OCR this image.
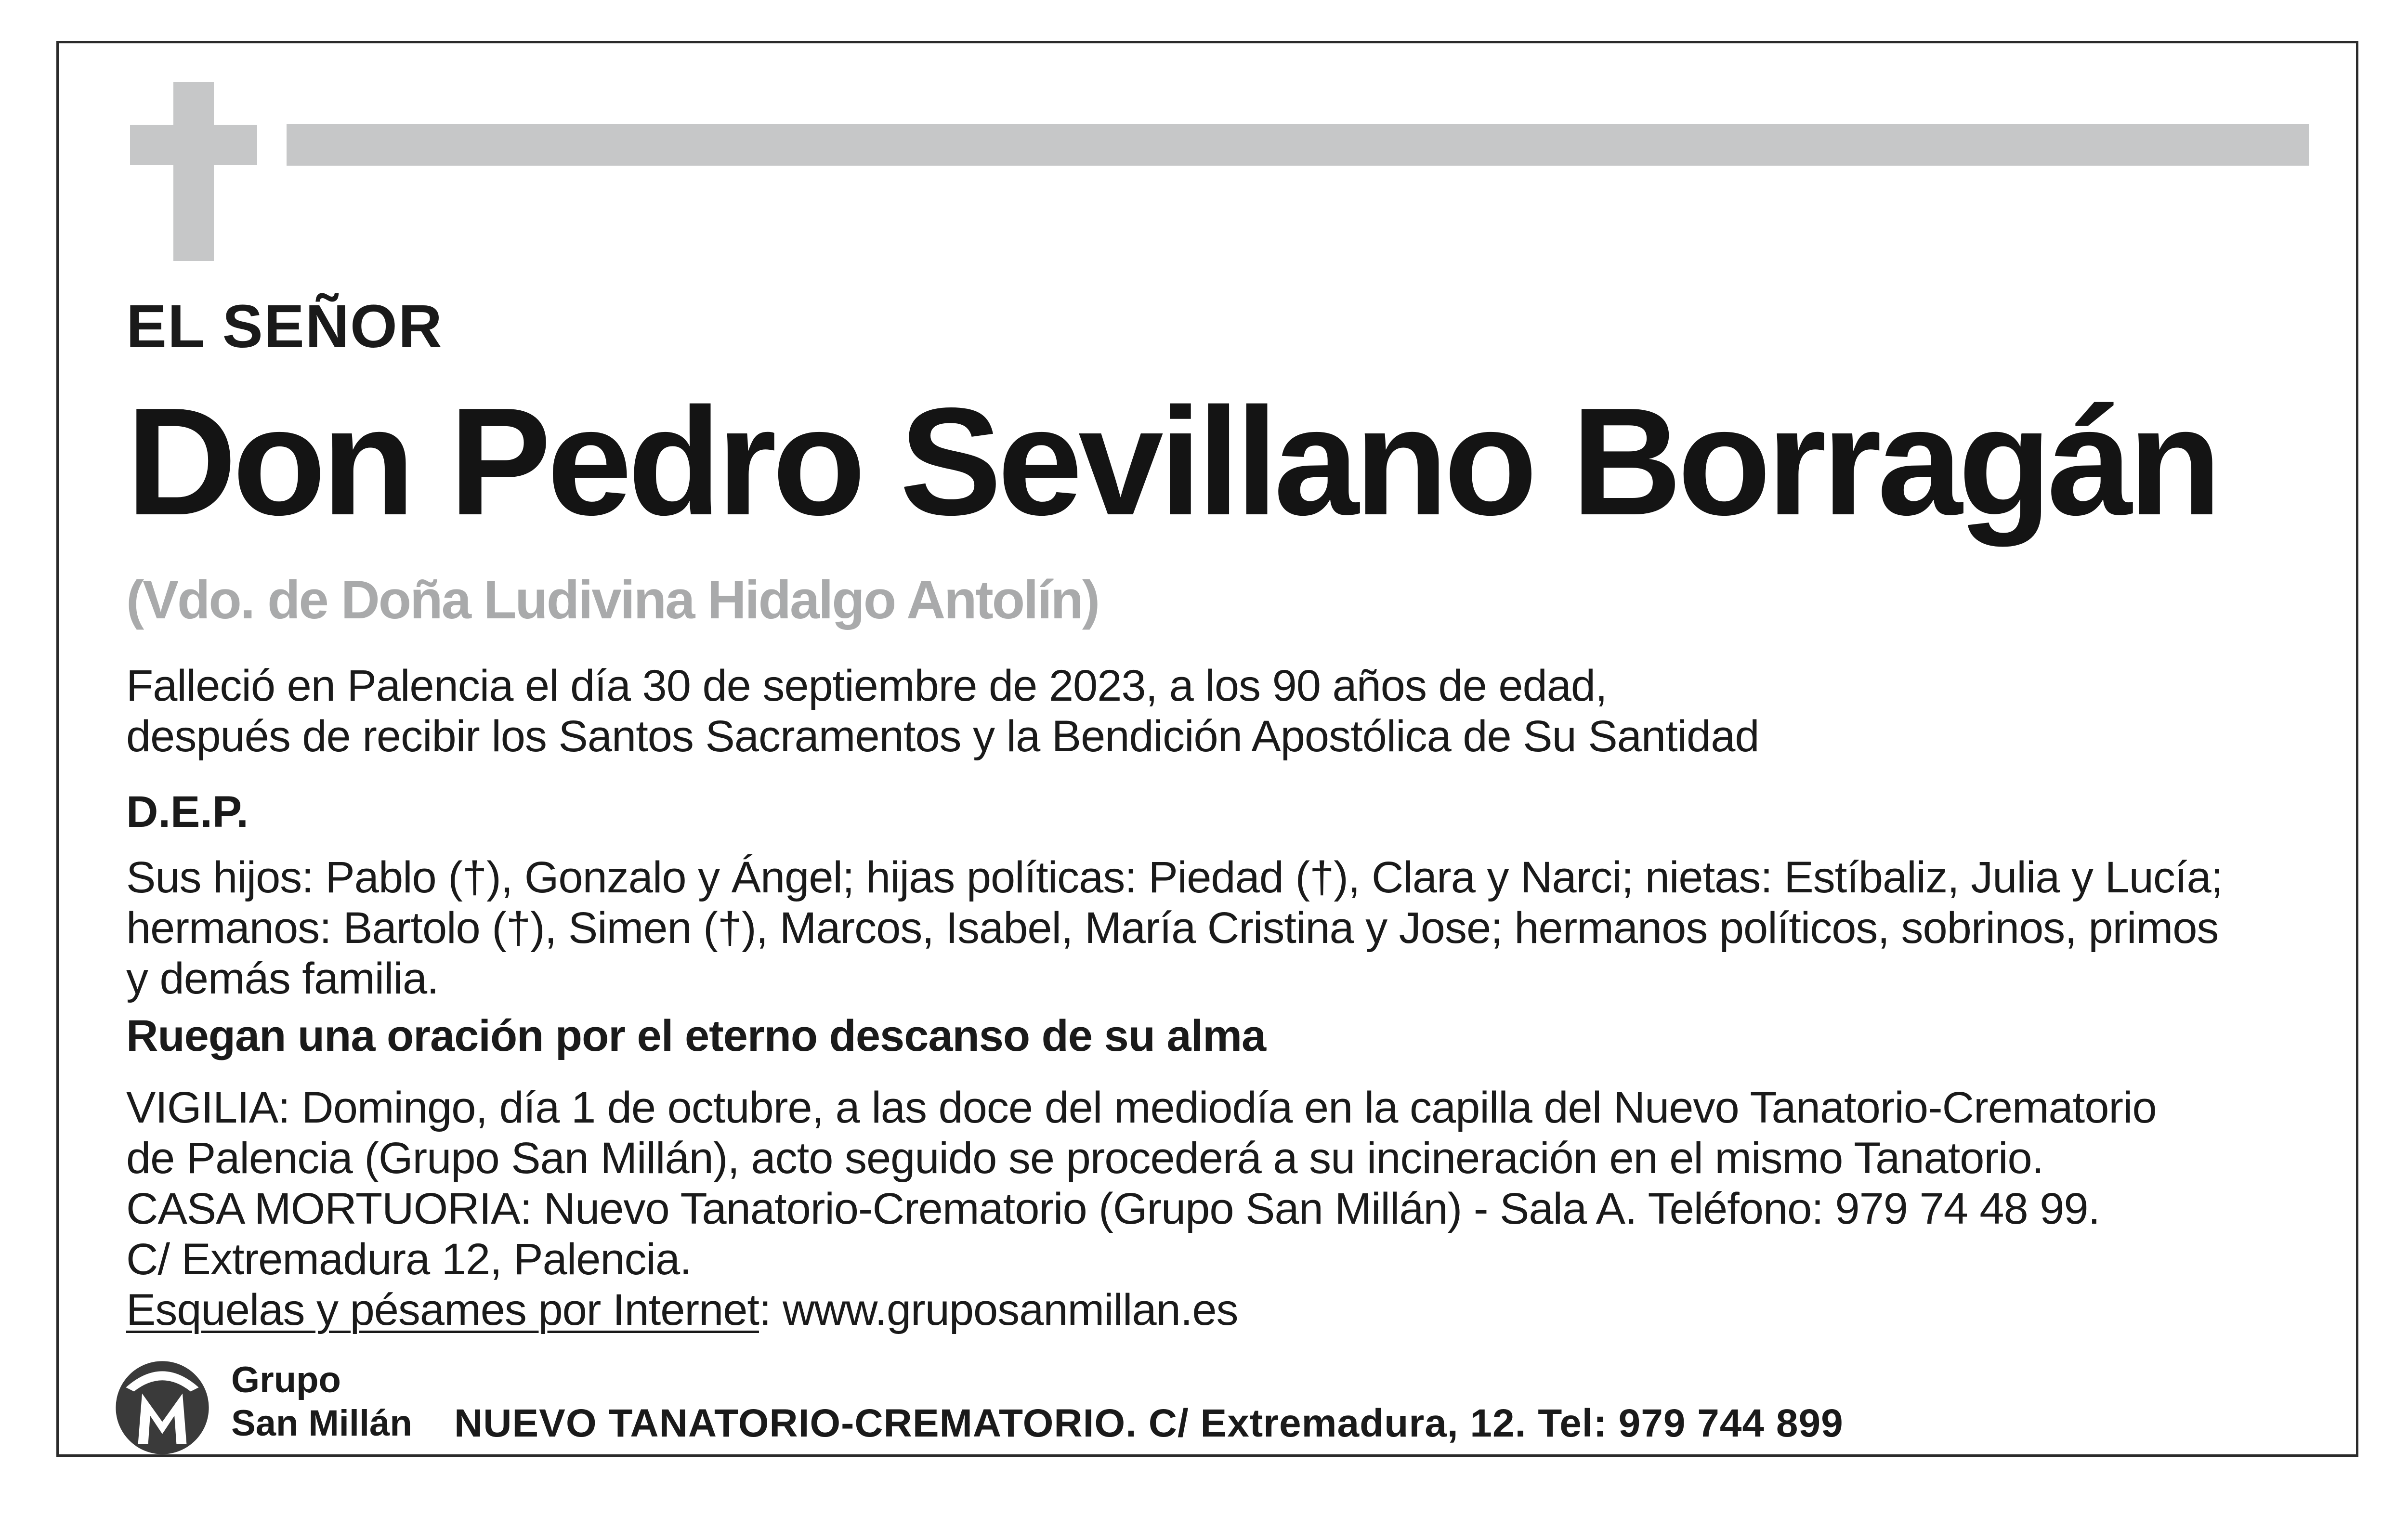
EL SEÑOR

Don Pedro Sevillano Borragán

(Vdo. de Doña Ludivina Hidalgo Antolín)

Falleció en Palencia el día 30 de septiembre de 2023, a los 90 años de edad,

después de recibir los Santos Sacramentos y la Bendición Apostólica de Su Santidad

D.E.P.

Sus hijos: Pablo (†), Gonzalo y Ángel; hijas políticas: Piedad (†), Clara y Narci; nietas: Estíbaliz, Julia y Lucía;

hermanos: Bartolo (†), Simen (†), Marcos, Isabel, María Cristina y Jose; hermanos políticos, sobrinos, primos

y demás familia.

Ruegan una oración por el eterno descanso de su alma

VIGILIA: Domingo, día 1 de octubre, a las doce del mediodía en la capilla del Nuevo Tanatorio-Crematorio

de Palencia (Grupo San Millán), acto seguido se procederá a su incineración en el mismo Tanatorio.

CASA MORTUORIA: Nuevo Tanatorio-Crematorio (Grupo San Millán) - Sala A. Teléfono: 979 74 48 99.

C/ Extremadura 12, Palencia.

Esquelas y pésames por Internet: www.gruposanmillan.es

Grupo
San Millán NUEVO TANATORIO-CREMATORIO. C/ Extremadura, 12. Tel: 979 744 899
